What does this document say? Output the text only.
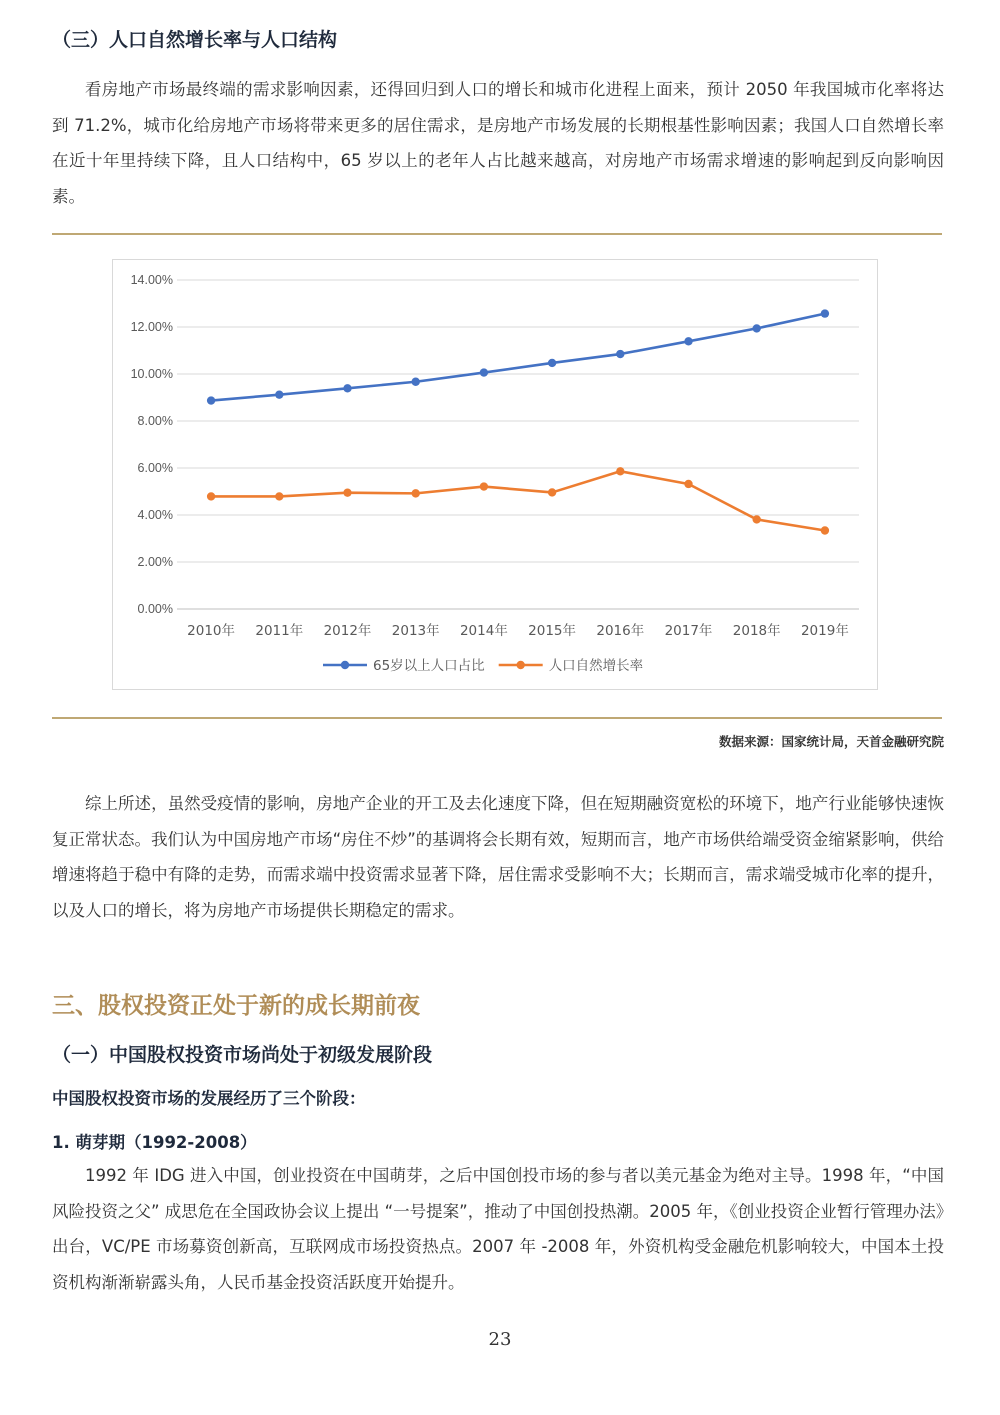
（三）人口自然增长率与人口结构

看房地产市场最终端的需求影响因素，还得回归到人口的增长和城市化进程上面来，预计 2050 年我国城市化率将达到 71.2%，城市化给房地产市场将带来更多的居住需求，是房地产市场发展的长期根基性影响因素；我国人口自然增长率在近十年里持续下降，且人口结构中，65 岁以上的老年人占比越来越高，对房地产市场需求增速的影响起到反向影响因素。

0.00%
2.00%
4.00%
6.00%
8.00%
10.00%
12.00%
14.00%
2010年 2011年 2012年 2013年 2014年 2015年 2016年 2017年 2018年 2019年
65岁以上人口占比	人口自然增长率
数据来源：国家统计局，天首金融研究院

综上所述，虽然受疫情的影响，房地产企业的开工及去化速度下降，但在短期融资宽松的环境下，地产行业能够快速恢复正常状态。我们认为中国房地产市场“房住不炒”的基调将会长期有效，短期而言，地产市场供给端受资金缩紧影响，供给增速将趋于稳中有降的走势，而需求端中投资需求显著下降，居住需求受影响不大；长期而言，需求端受城市化率的提升，以及人口的增长，将为房地产市场提供长期稳定的需求。

三、股权投资正处于新的成长期前夜
（一）中国股权投资市场尚处于初级发展阶段

中国股权投资市场的发展经历了三个阶段：

1. 萌芽期（1992-2008）

1992 年 IDG 进入中国，创业投资在中国萌芽，之后中国创投市场的参与者以美元基金为绝对主导。1998 年，“中国风险投资之父” 成思危在全国政协会议上提出 “一号提案”，推动了中国创投热潮。2005 年，《创业投资企业暂行管理办法》出台，VC/PE 市场募资创新高，互联网成市场投资热点。2007 年 -2008 年，外资机构受金融危机影响较大，中国本土投资机构渐渐崭露头角，人民币基金投资活跃度开始提升。

23
